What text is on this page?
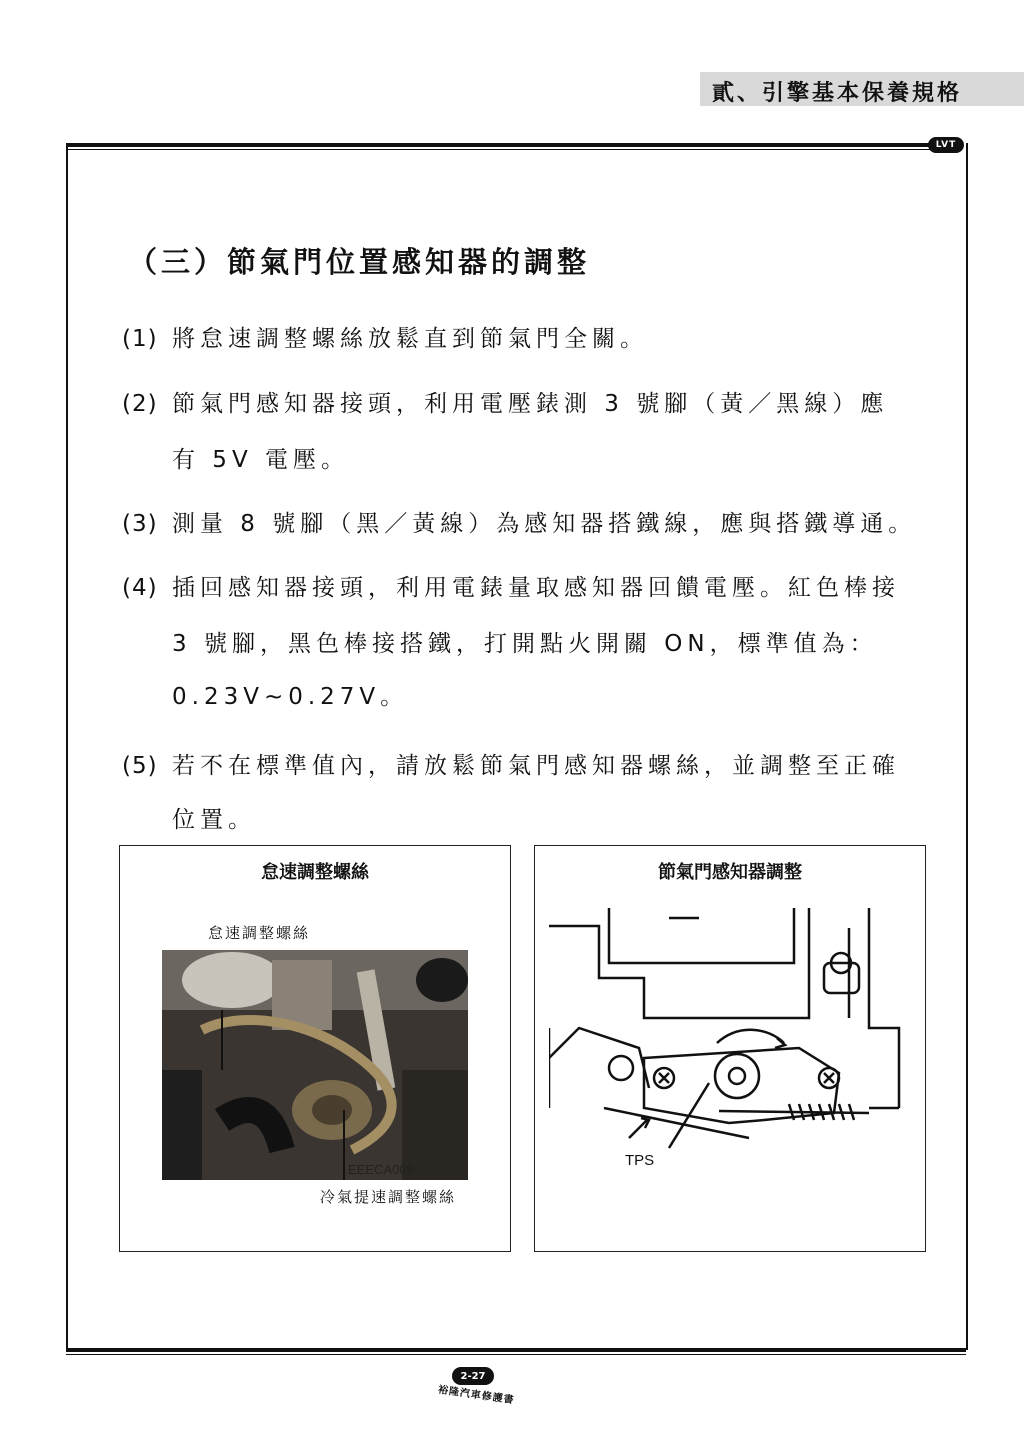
貳、引擎基本保養規格
LVT
（三）節氣門位置感知器的調整
(1) 將怠速調整螺絲放鬆直到節氣門全關。
(2) 節氣門感知器接頭，利用電壓錶測 3 號腳（黃／黑線）應
有 5V 電壓。
(3) 測量 8 號腳（黑／黃線）為感知器搭鐵線，應與搭鐵導通。
(4) 插回感知器接頭，利用電錶量取感知器回饋電壓。紅色棒接
3 號腳，黑色棒接搭鐵，打開點火開關 ON，標準值為：
0.23V~0.27V。
(5) 若不在標準值內，請放鬆節氣門感知器螺絲，並調整至正確
位置。
怠速調整螺絲
怠速調整螺絲
EEECA006
冷氣提速調整螺絲
節氣門感知器調整
TPS
2-27
裕隆汽車修護書
